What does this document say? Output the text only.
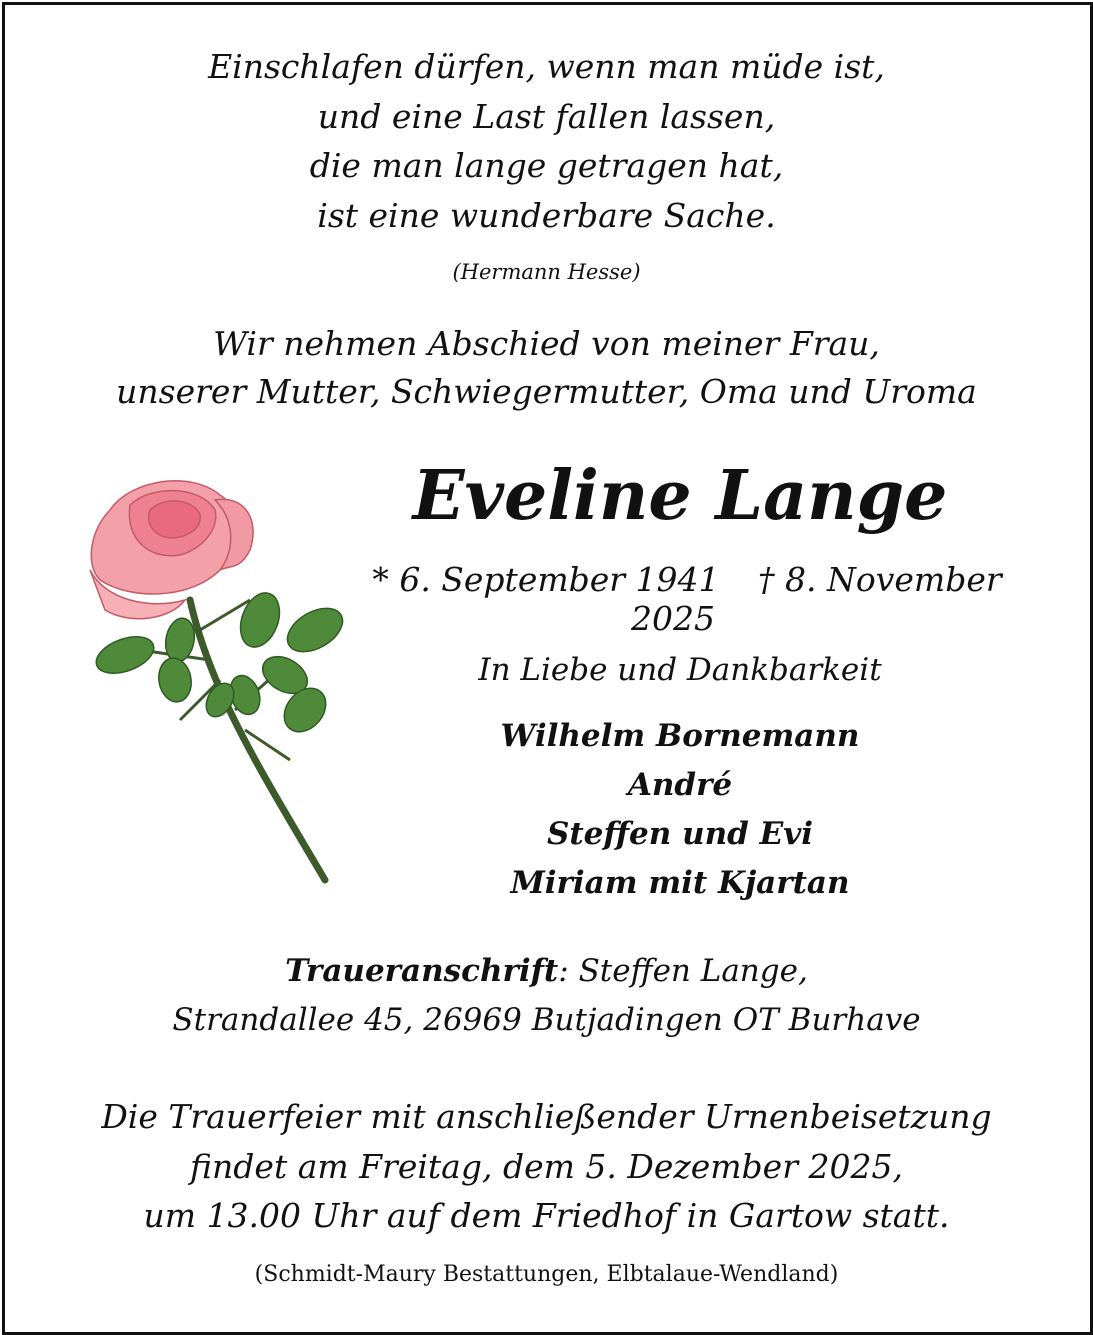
Einschlafen dürfen, wenn man müde ist,
und eine Last fallen lassen,
die man lange getragen hat,
ist eine wunderbare Sache.
(Hermann Hesse)
Wir nehmen Abschied von meiner Frau,
unserer Mutter, Schwiegermutter, Oma und Uroma
Eveline Lange
* 6. September 1941 † 8. November 2025
In Liebe und Dankbarkeit
Wilhelm Bornemann
André
Steffen und Evi
Miriam mit Kjartan
Traueranschrift: Steffen Lange,
Strandallee 45, 26969 Butjadingen OT Burhave
Die Trauerfeier mit anschließender Urnenbeisetzung
findet am Freitag, dem 5. Dezember 2025,
um 13.00 Uhr auf dem Friedhof in Gartow statt.
(Schmidt-Maury Bestattungen, Elbtalaue-Wendland)
